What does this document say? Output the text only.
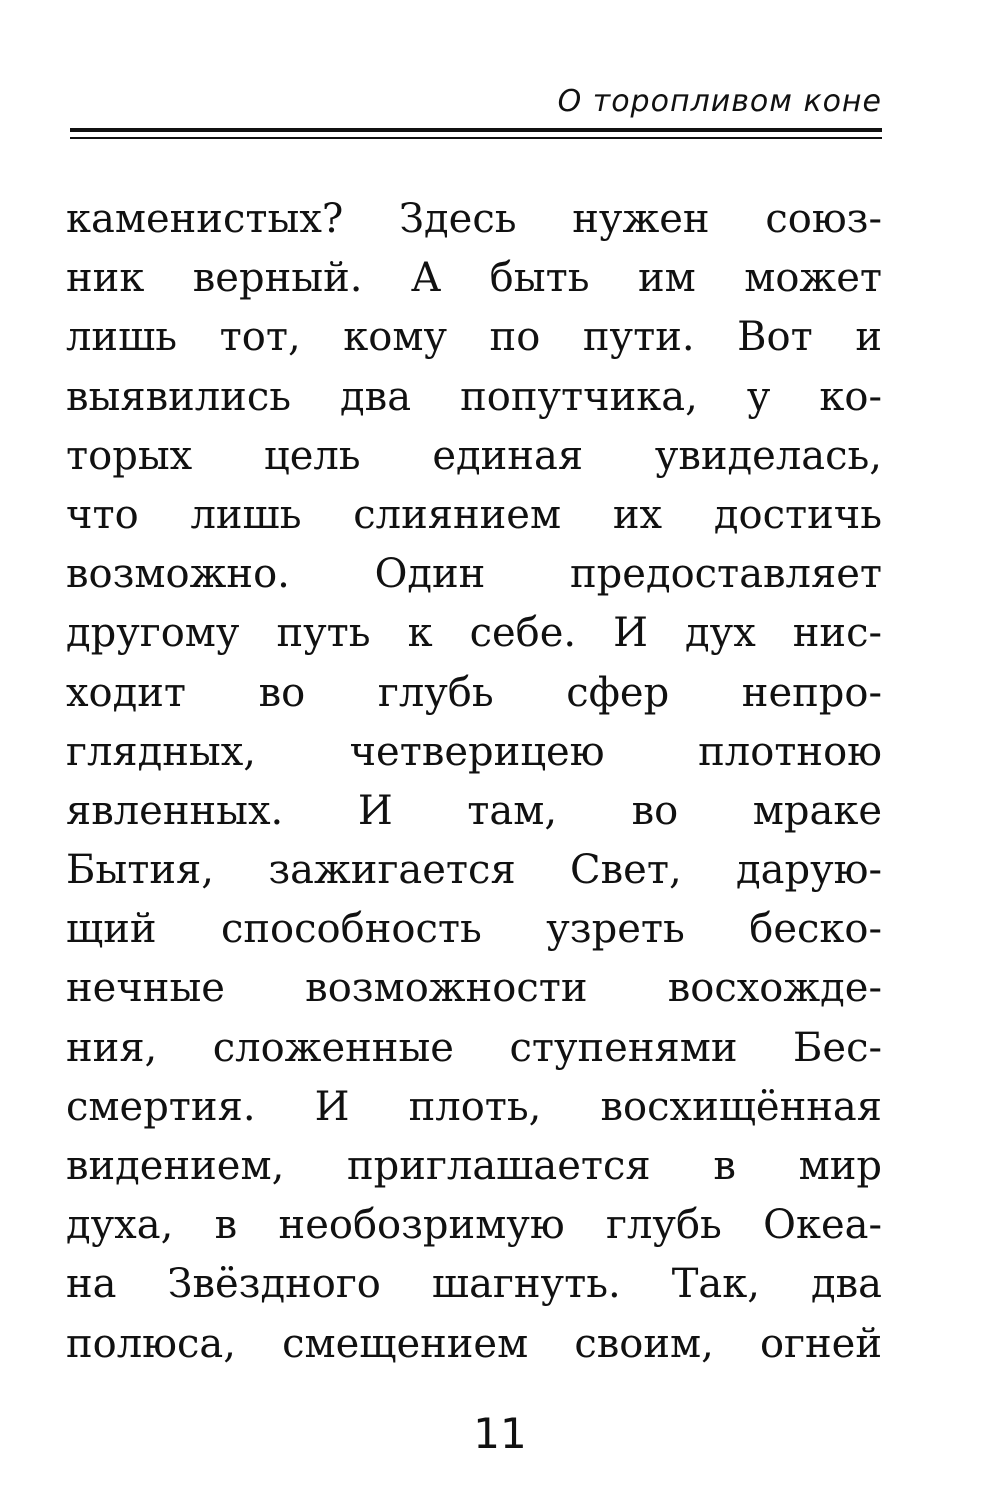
О торопливом коне
каменистых? Здесь нужен союз-
ник верный. А быть им может
лишь тот, кому по пути. Вот и
выявились два попутчика, у ко-
торых цель единая увиделась,
что лишь слиянием их достичь
возможно. Один предоставляет
другому путь к себе. И дух нис-
ходит во глубь сфер непро-
глядных, четверицею плотною
явленных. И там, во мраке
Бытия, зажигается Свет, дарую-
щий способность узреть беско-
нечные возможности восхожде-
ния, сложенные ступенями Бес-
смертия. И плоть, восхищённая
видением, приглашается в мир
духа, в необозримую глубь Океа-
на Звёздного шагнуть. Так, два
полюса, смещением своим, огней
11
